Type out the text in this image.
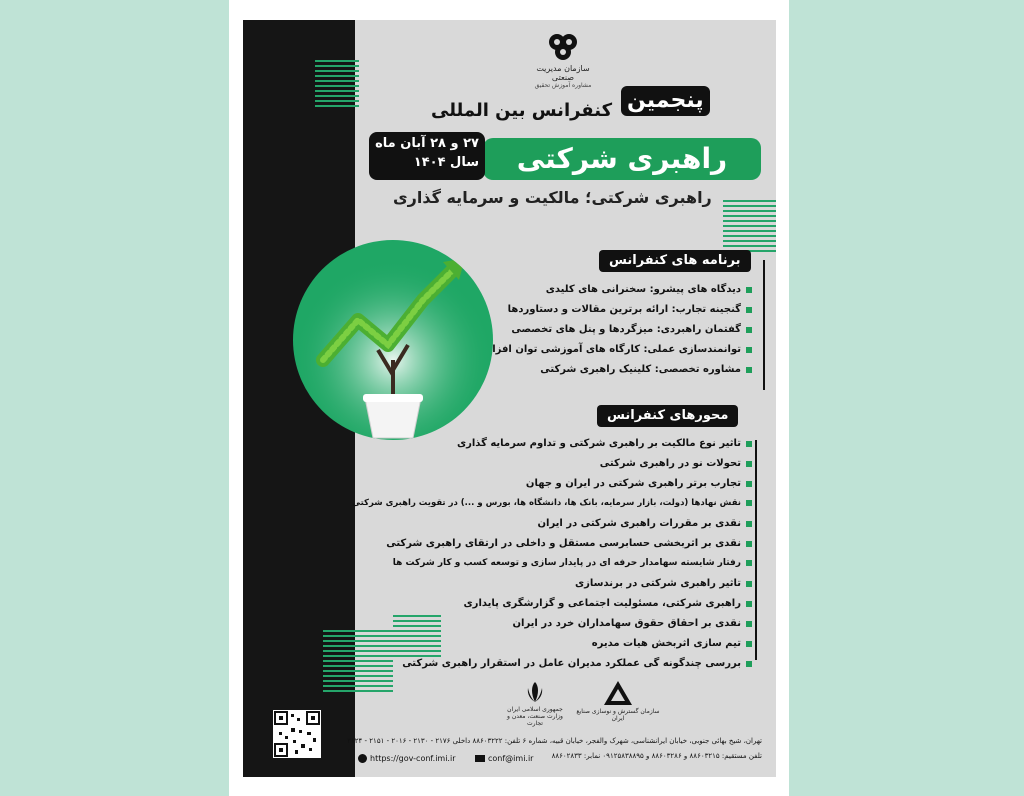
سازمان مدیریت صنعتی
مشاوره آموزش تحقیق
پنجمین
کنفرانس بین المللی
راهبری شرکتی
۲۷ و ۲۸ آبان ماه
سال ۱۴۰۴
راهبری شرکتی؛ مالکیت و سرمایه گذاری
برنامه های کنفرانس
دیدگاه های پیشرو: سخنرانی های کلیدی
گنجینه تجارب: ارائه برترین مقالات و دستاوردها
گفتمان راهبردی: میزگردها و پنل های تخصصی
توانمندسازی عملی: کارگاه های آموزشی توان افزا
مشاوره تخصصی: کلینیک راهبری شرکتی
محورهای کنفرانس
تاثیر نوع مالکیت بر راهبری شرکتی و تداوم سرمایه گذاری
تحولات نو در راهبری شرکتی
تجارب برتر راهبری شرکتی در ایران و جهان
نقش نهادها (دولت، بازار سرمایه، بانک ها، دانشگاه ها، بورس و ...) در تقویت راهبری شرکتی
نقدی بر مقررات راهبری شرکتی در ایران
نقدی بر اثربخشی حسابرسی مستقل و داخلی در ارتقای راهبری شرکتی
رفتار شایسته سهامدار حرفه ای در پایدار سازی و توسعه کسب و کار شرکت ها
تاثیر راهبری شرکتی در برندسازی
راهبری شرکتی، مسئولیت اجتماعی و گزارشگری پایداری
نقدی بر احقاق حقوق سهامداران خرد در ایران
تیم سازی اثربخش هیات مدیره
بررسی چندگونه گی عملکرد مدیران عامل در استقرار راهبری شرکتی
جمهوری اسلامی ایران
وزارت صنعت، معدن و تجارت
سازمان گسترش و نوسازی صنایع ایران
تهران، شیخ بهائی جنوبی، خیابان ایرانشناسی، شهرک والفجر، خیابان قبیه، شماره ۶ تلفن: ۸۸۶۰۳۲۲۲ داخلی ۲۱۷۶ - ۲۱۳۰ - ۲۰۱۶ - ۲۱۵۱ - ۳۱۲۴
تلفن مستقیم: ۸۸۶۰۳۲۱۵ و ۸۸۶۰۳۲۸۶ و ۰۹۱۲۵۸۳۸۸۹۵ نمابر: ۸۸۶۰۲۸۳۳
https://gov-conf.imi.ir	conf@imi.ir
